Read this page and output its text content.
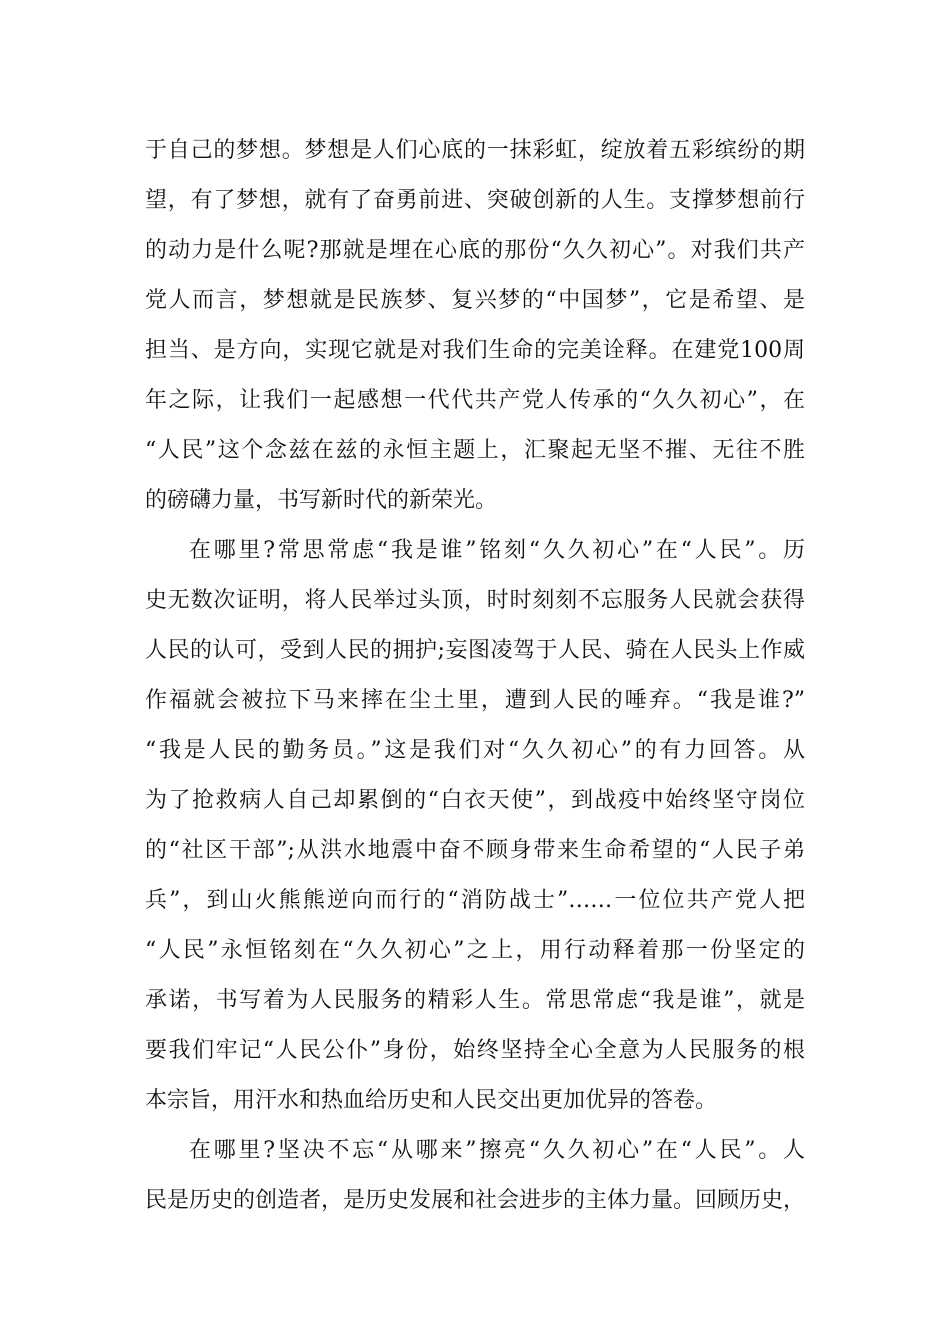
于自己的梦想。梦想是人们心底的一抹彩虹，绽放着五彩缤纷的期
望，有了梦想，就有了奋勇前进、突破创新的人生。支撑梦想前行
的动力是什么呢?那就是埋在心底的那份“久久初心”。对我们共产
党人而言，梦想就是民族梦、复兴梦的“中国梦”，它是希望、是
担当、是方向，实现它就是对我们生命的完美诠释。在建党100周
年之际，让我们一起感想一代代共产党人传承的“久久初心”，在
“人民”这个念兹在兹的永恒主题上，汇聚起无坚不摧、无往不胜
的磅礴力量，书写新时代的新荣光。
在哪里?常思常虑“我是谁”铭刻“久久初心”在“人民”。历
史无数次证明，将人民举过头顶，时时刻刻不忘服务人民就会获得
人民的认可，受到人民的拥护;妄图凌驾于人民、骑在人民头上作威
作福就会被拉下马来摔在尘土里，遭到人民的唾弃。“我是谁?”
“我是人民的勤务员。”这是我们对“久久初心”的有力回答。从
为了抢救病人自己却累倒的“白衣天使”，到战疫中始终坚守岗位
的“社区干部”;从洪水地震中奋不顾身带来生命希望的“人民子弟
兵”，到山火熊熊逆向而行的“消防战士”……一位位共产党人把
“人民”永恒铭刻在“久久初心”之上，用行动释着那一份坚定的
承诺，书写着为人民服务的精彩人生。常思常虑“我是谁”，就是
要我们牢记“人民公仆”身份，始终坚持全心全意为人民服务的根
本宗旨，用汗水和热血给历史和人民交出更加优异的答卷。
在哪里?坚决不忘“从哪来”擦亮“久久初心”在“人民”。人
民是历史的创造者，是历史发展和社会进步的主体力量。回顾历史，
